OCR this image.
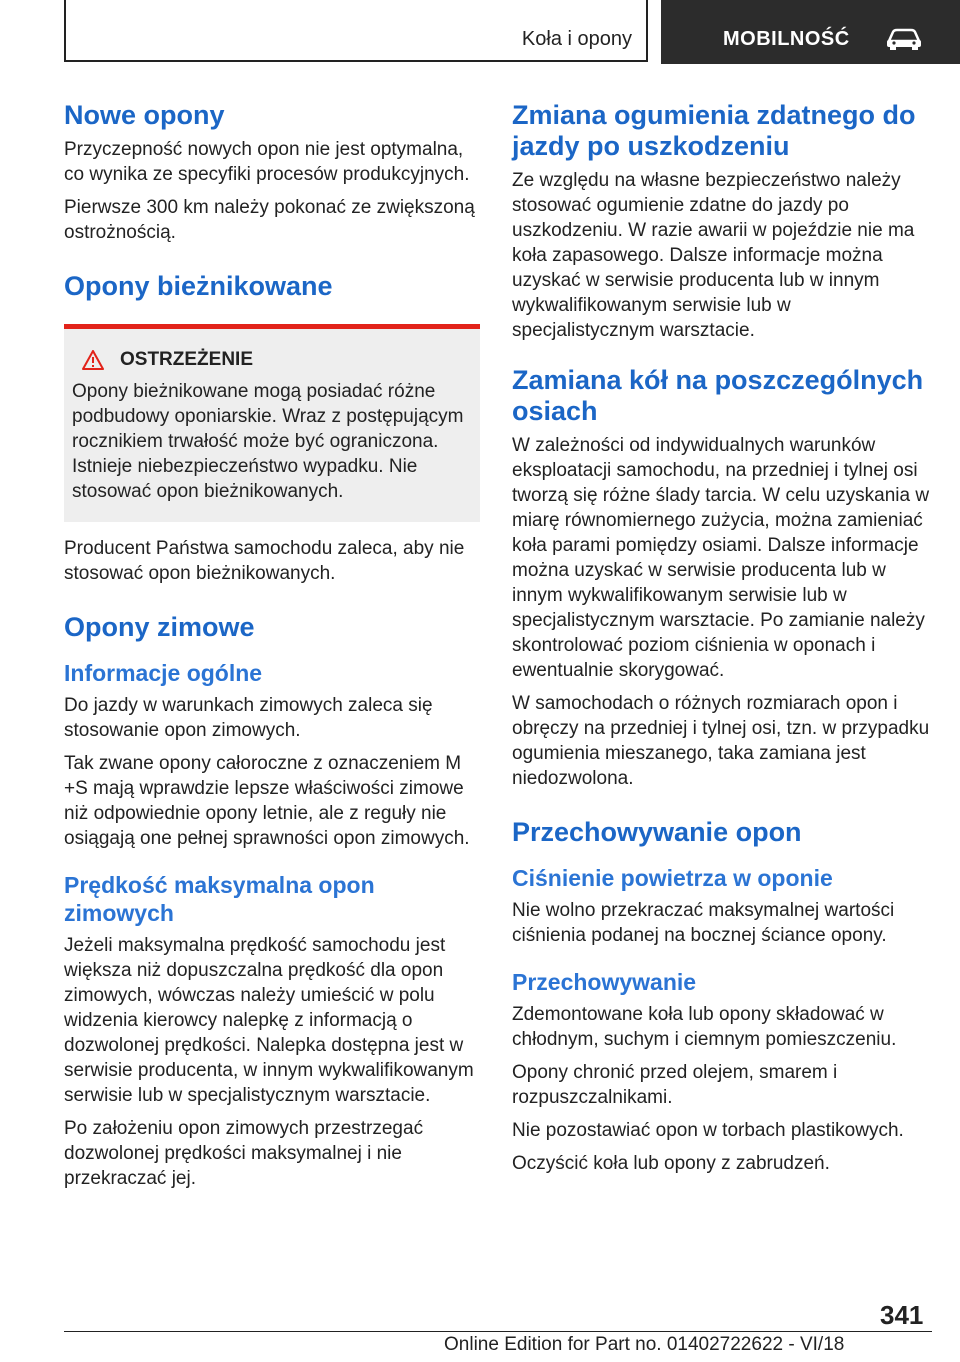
Koła i opony	MOBILNOŚĆ
Nowe opony

Przyczepność nowych opon nie jest optymalna, co wynika ze specyfiki procesów produkcyjnych.

Pierwsze 300 km należy pokonać ze zwiększoną ostrożnością.

Opony bieżnikowane
OSTRZEŻENIE

Opony bieżnikowane mogą posiadać różne podbudowy oponiarskie. Wraz z postępującym rocznikiem trwałość może być ograniczona. Istnieje niebezpieczeństwo wypadku. Nie stosować opon bieżnikowanych.

Producent Państwa samochodu zaleca, aby nie stosować opon bieżnikowanych.

Opony zimowe
Informacje ogólne

Do jazdy w warunkach zimowych zaleca się stosowanie opon zimowych.

Tak zwane opony całoroczne z oznaczeniem M +S mają wprawdzie lepsze właściwości zimowe niż odpowiednie opony letnie, ale z reguły nie osiągają one pełnej sprawności opon zimowych.

Prędkość maksymalna opon zimowych

Jeżeli maksymalna prędkość samochodu jest większa niż dopuszczalna prędkość dla opon zimowych, wówczas należy umieścić w polu widzenia kierowcy nalepkę z informacją o dozwolonej prędkości. Nalepka dostępna jest w serwisie producenta, w innym wykwalifikowanym serwisie lub w specjalistycznym warsztacie.

Po założeniu opon zimowych przestrzegać dozwolonej prędkości maksymalnej i nie przekraczać jej.

Zmiana ogumienia zdatnego do jazdy po uszkodzeniu

Ze względu na własne bezpieczeństwo należy stosować ogumienie zdatne do jazdy po uszkodzeniu. W razie awarii w pojeździe nie ma koła zapasowego. Dalsze informacje można uzyskać w serwisie producenta lub w innym wykwalifikowanym serwisie lub w specjalistycznym warsztacie.

Zamiana kół na poszczególnych osiach

W zależności od indywidualnych warunków eksploatacji samochodu, na przedniej i tylnej osi tworzą się różne ślady tarcia. W celu uzyskania w miarę równomiernego zużycia, można zamieniać koła parami pomiędzy osiami. Dalsze informacje można uzyskać w serwisie producenta lub w innym wykwalifikowanym serwisie lub w specjalistycznym warsztacie. Po zamianie należy skontrolować poziom ciśnienia w oponach i ewentualnie skorygować.

W samochodach o różnych rozmiarach opon i obręczy na przedniej i tylnej osi, tzn. w przypadku ogumienia mieszanego, taka zamiana jest niedozwolona.

Przechowywanie opon
Ciśnienie powietrza w oponie

Nie wolno przekraczać maksymalnej wartości ciśnienia podanej na bocznej ściance opony.

Przechowywanie

Zdemontowane koła lub opony składować w chłodnym, suchym i ciemnym pomieszczeniu.

Opony chronić przed olejem, smarem i rozpuszczalnikami.

Nie pozostawiać opon w torbach plastikowych.

Oczyścić koła lub opony z zabrudzeń.

341
Online Edition for Part no. 01402722622 - VI/18
